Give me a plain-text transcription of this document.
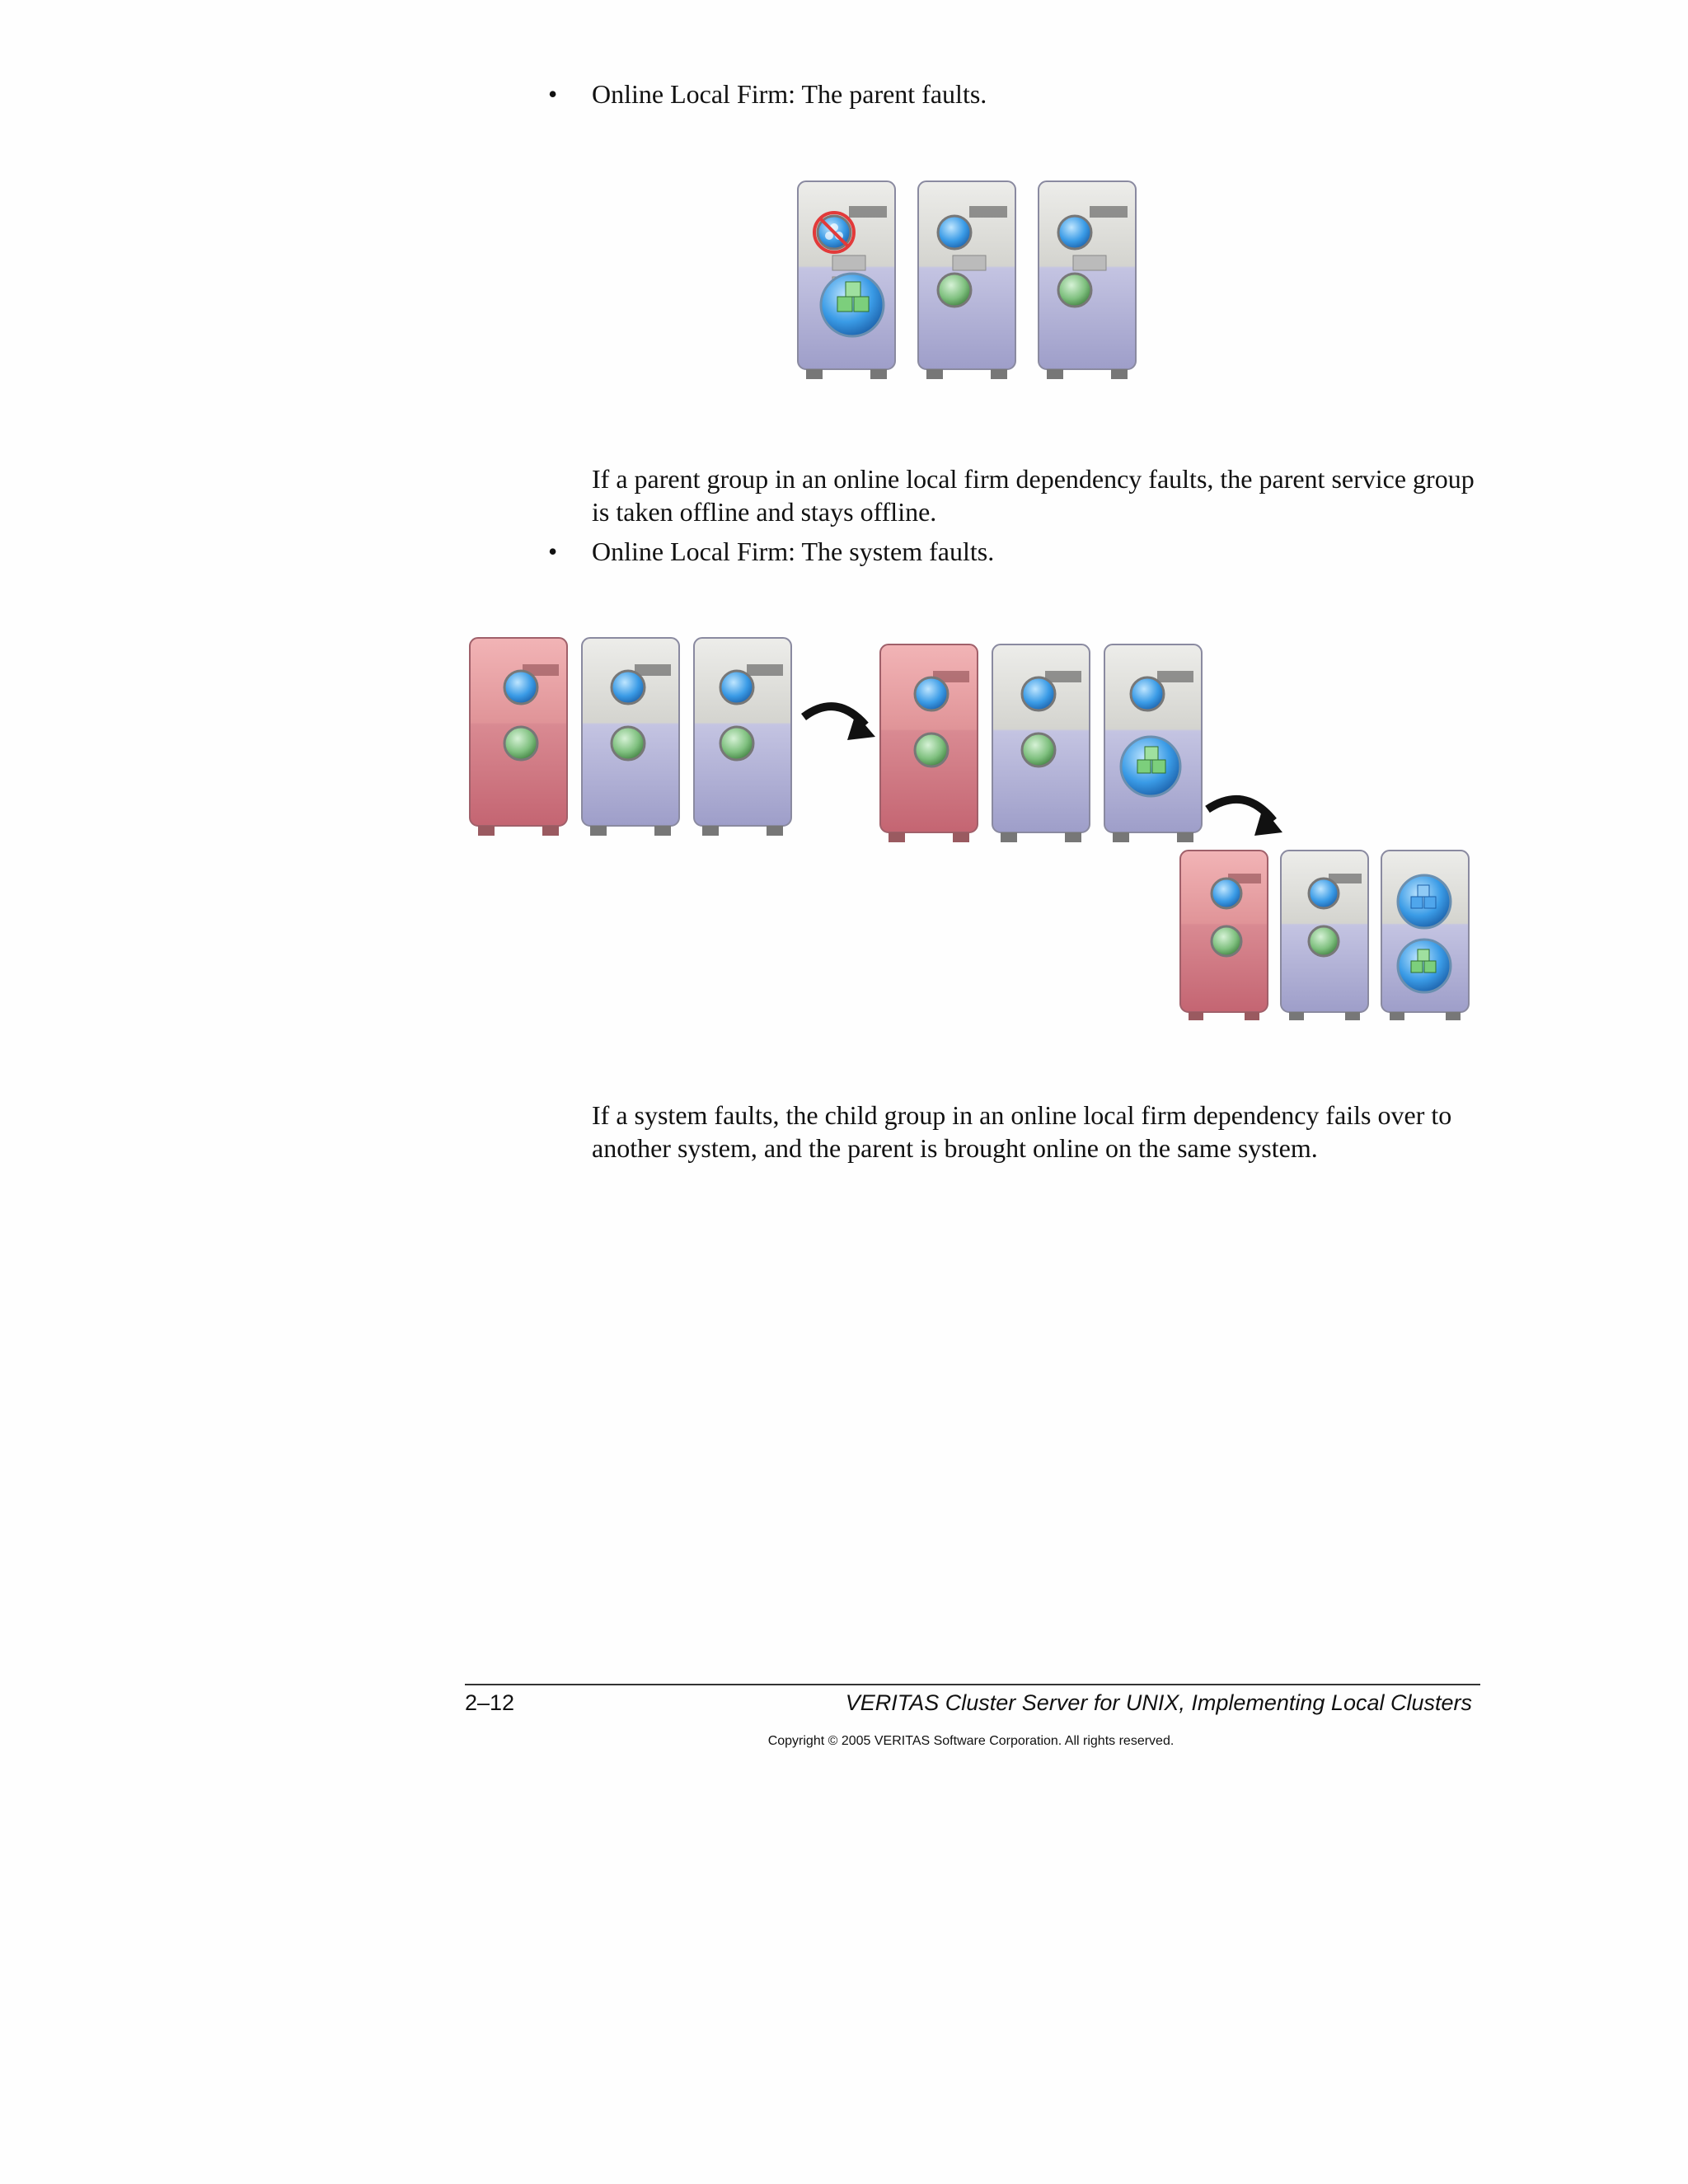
• Online Local Firm: The parent faults.
If a parent group in an online local firm dependency faults, the parent service group is taken offline and stays offline.
• Online Local Firm: The system faults.
If a system faults, the child group in an online local firm dependency fails over to another system, and the parent is brought online on the same system.
2–12	VERITAS Cluster Server for UNIX, Implementing Local Clusters
Copyright © 2005 VERITAS Software Corporation. All rights reserved.
